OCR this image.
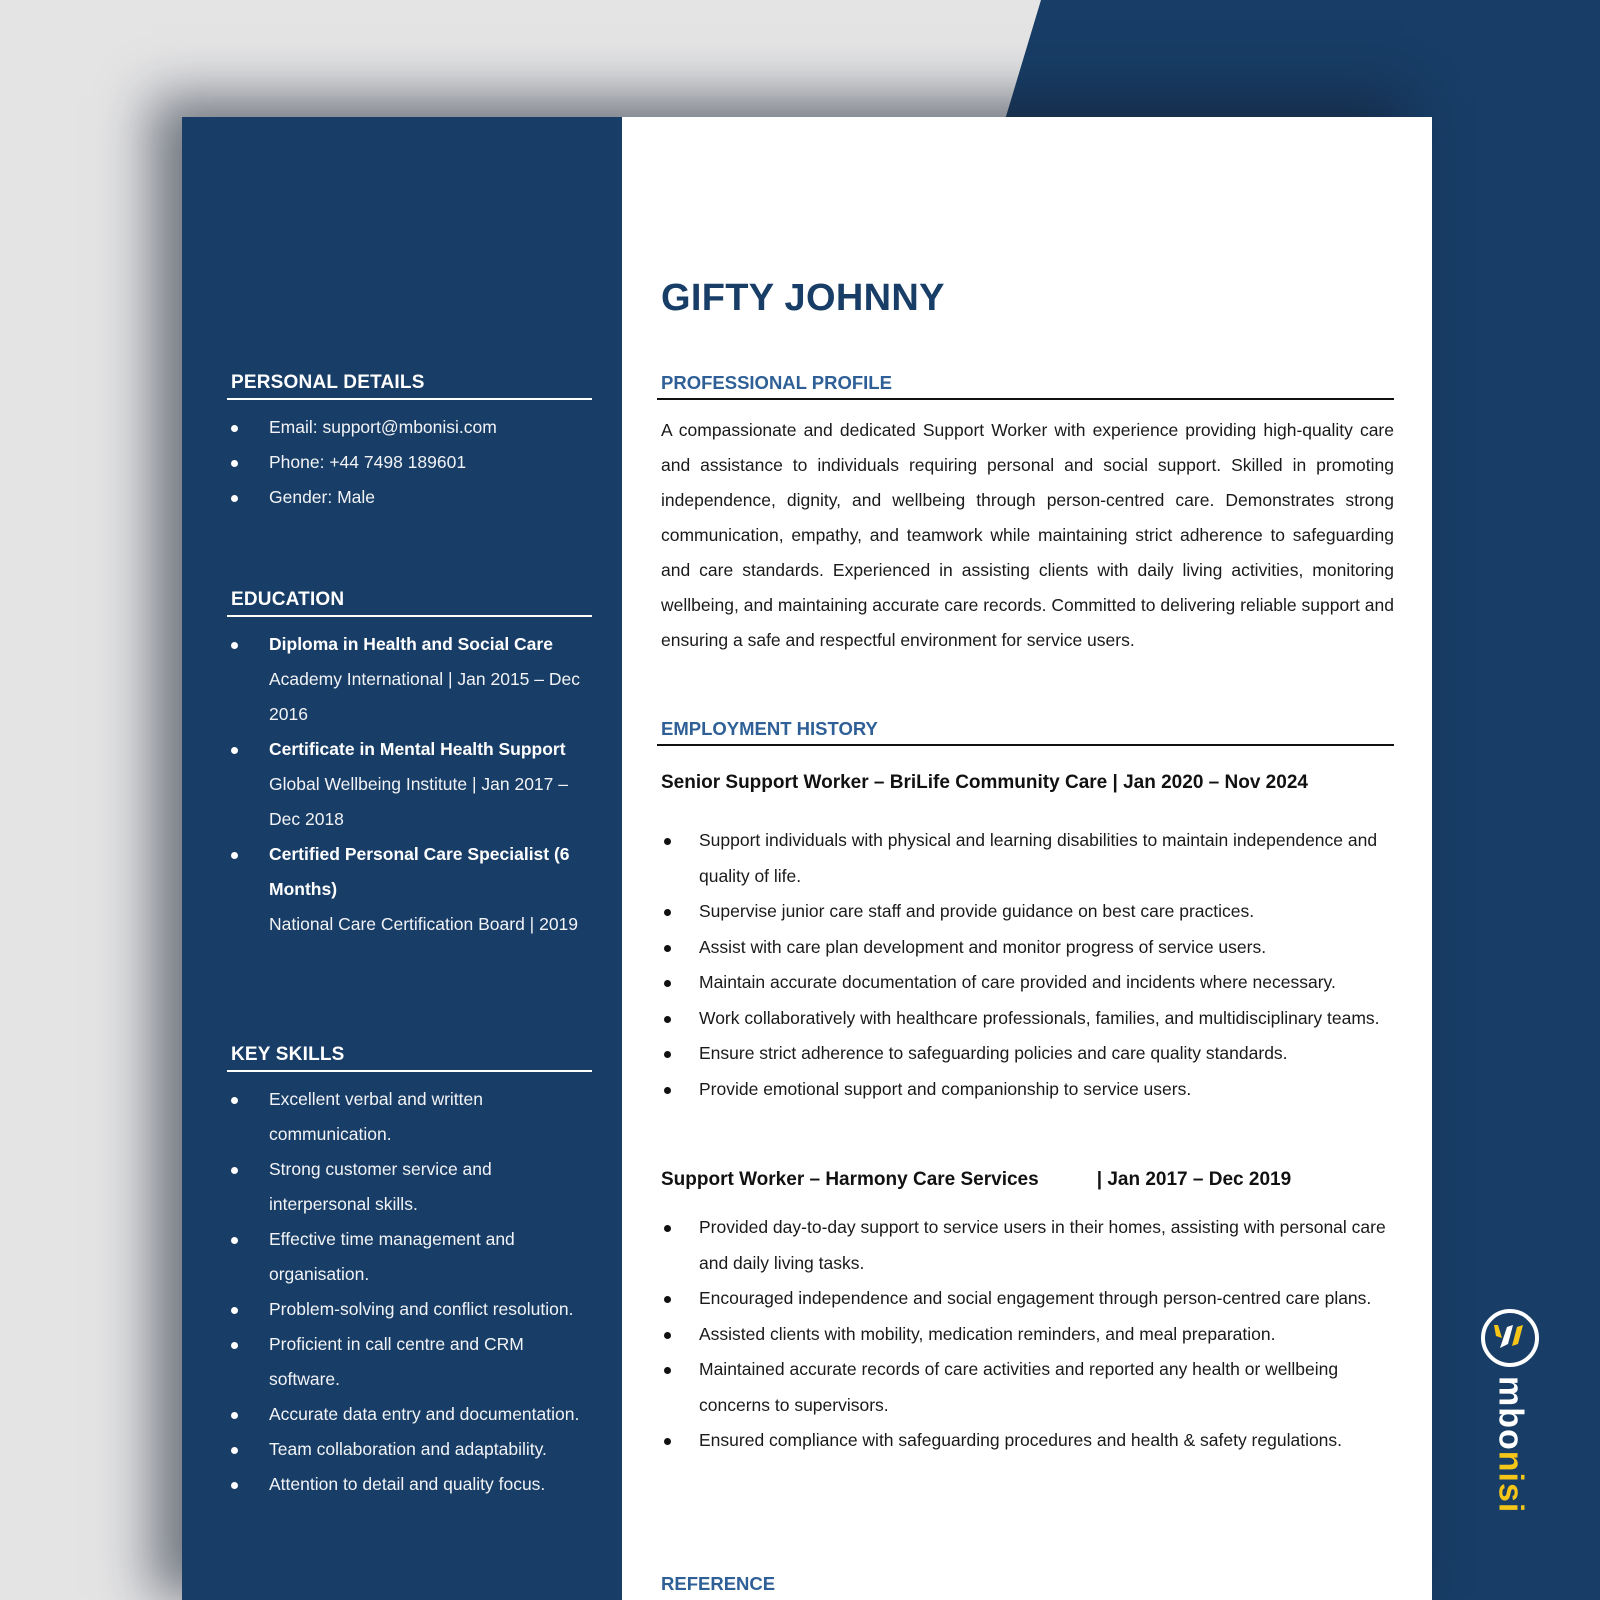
PERSONAL DETAILS
Email: support@mbonisi.com
Phone: +44 7498 189601
Gender: Male
EDUCATION
Diploma in Health and Social Care
Academy International | Jan 2015 – Dec 2016
Certificate in Mental Health Support
Global Wellbeing Institute | Jan 2017 – Dec 2018
Certified Personal Care Specialist (6 Months)
National Care Certification Board | 2019
KEY SKILLS
Excellent verbal and written communication.
Strong customer service and interpersonal skills.
Effective time management and organisation.
Problem-solving and conflict resolution.
Proficient in call centre and CRM software.
Accurate data entry and documentation.
Team collaboration and adaptability.
Attention to detail and quality focus.
GIFTY JOHNNY
PROFESSIONAL PROFILE

A compassionate and dedicated Support Worker with experience providing high-quality care and assistance to individuals requiring personal and social support. Skilled in promoting independence, dignity, and wellbeing through person-centred care. Demonstrates strong communication, empathy, and teamwork while maintaining strict adherence to safeguarding and care standards. Experienced in assisting clients with daily living activities, monitoring wellbeing, and maintaining accurate care records. Committed to delivering reliable support and ensuring a safe and respectful environment for service users.

EMPLOYMENT HISTORY
Senior Support Worker – BriLife Community Care | Jan 2020 – Nov 2024
Support individuals with physical and learning disabilities to maintain independence and quality of life.
Supervise junior care staff and provide guidance on best care practices.
Assist with care plan development and monitor progress of service users.
Maintain accurate documentation of care provided and incidents where necessary.
Work collaboratively with healthcare professionals, families, and multidisciplinary teams.
Ensure strict adherence to safeguarding policies and care quality standards.
Provide emotional support and companionship to service users.
Support Worker – Harmony Care Services           | Jan 2017 – Dec 2019
Provided day-to-day support to service users in their homes, assisting with personal care and daily living tasks.
Encouraged independence and social engagement through person-centred care plans.
Assisted clients with mobility, medication reminders, and meal preparation.
Maintained accurate records of care activities and reported any health or wellbeing concerns to supervisors.
Ensured compliance with safeguarding procedures and health & safety regulations.
REFERENCE
mbonisi
